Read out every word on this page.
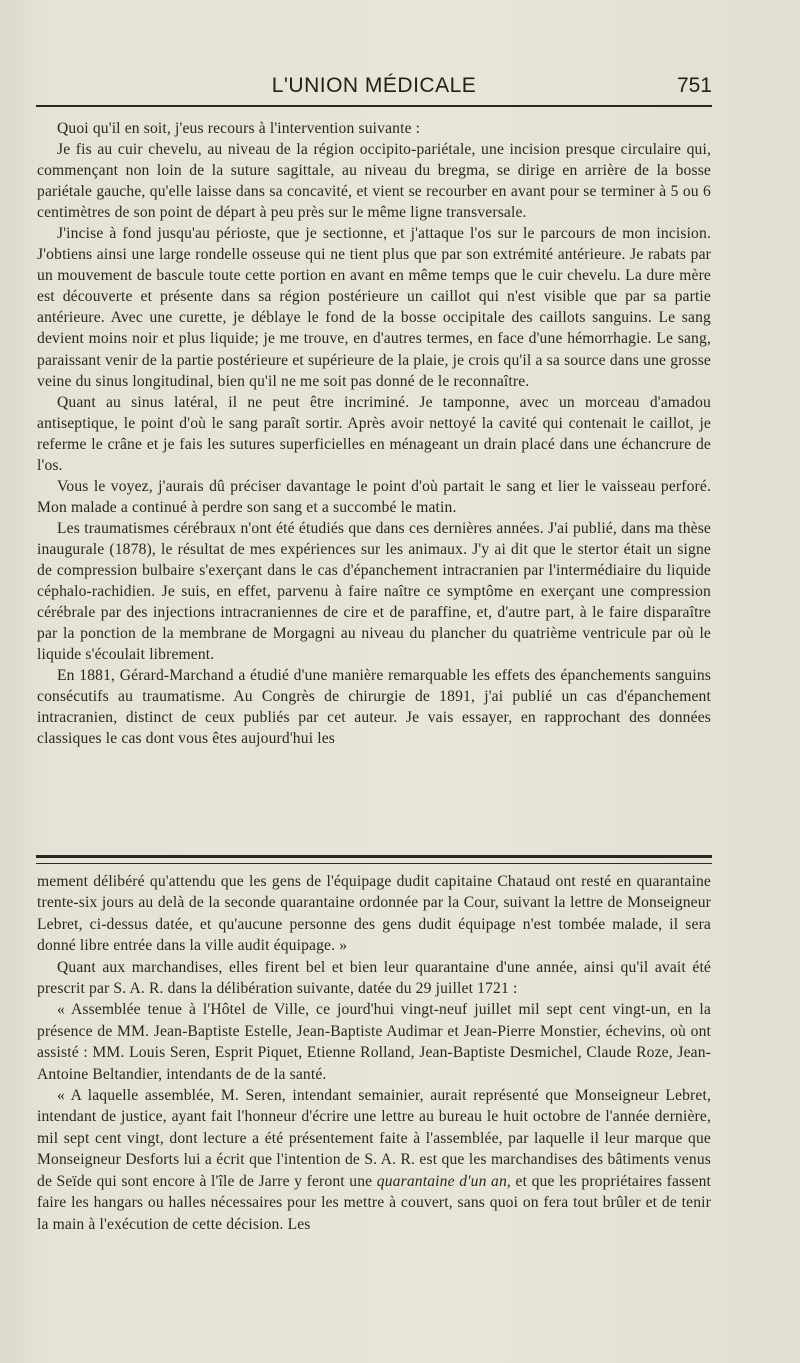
L'UNION MÉDICALE	751

Quoi qu'il en soit, j'eus recours à l'intervention suivante :

Je fis au cuir chevelu, au niveau de la région occipito-pariétale, une incision presque circulaire qui, commençant non loin de la suture sagittale, au niveau du bregma, se dirige en arrière de la bosse pariétale gauche, qu'elle laisse dans sa concavité, et vient se recourber en avant pour se terminer à 5 ou 6 centimètres de son point de départ à peu près sur le même ligne transversale.

J'incise à fond jusqu'au périoste, que je sectionne, et j'attaque l'os sur le parcours de mon incision. J'obtiens ainsi une large rondelle osseuse qui ne tient plus que par son extrémité antérieure. Je rabats par un mouvement de bascule toute cette portion en avant en même temps que le cuir chevelu. La dure mère est découverte et présente dans sa région postérieure un caillot qui n'est visible que par sa partie antérieure. Avec une curette, je déblaye le fond de la bosse occipitale des caillots sanguins. Le sang devient moins noir et plus liquide; je me trouve, en d'autres termes, en face d'une hémorrhagie. Le sang, paraissant venir de la partie postérieure et supérieure de la plaie, je crois qu'il a sa source dans une grosse veine du sinus longitudinal, bien qu'il ne me soit pas donné de le reconnaître.

Quant au sinus latéral, il ne peut être incriminé. Je tamponne, avec un morceau d'amadou antiseptique, le point d'où le sang paraît sortir. Après avoir nettoyé la cavité qui contenait le caillot, je referme le crâne et je fais les sutures superficielles en ménageant un drain placé dans une échancrure de l'os.

Vous le voyez, j'aurais dû préciser davantage le point d'où partait le sang et lier le vaisseau perforé. Mon malade a continué à perdre son sang et a succombé le matin.

Les traumatismes cérébraux n'ont été étudiés que dans ces dernières années. J'ai publié, dans ma thèse inaugurale (1878), le résultat de mes expériences sur les animaux. J'y ai dit que le stertor était un signe de compression bulbaire s'exerçant dans le cas d'épanchement intracranien par l'intermédiaire du liquide céphalo-rachidien. Je suis, en effet, parvenu à faire naître ce symptôme en exerçant une compression cérébrale par des injections intracraniennes de cire et de paraffine, et, d'autre part, à le faire disparaître par la ponction de la membrane de Morgagni au niveau du plancher du quatrième ventricule par où le liquide s'écoulait librement.

En 1881, Gérard-Marchand a étudié d'une manière remarquable les effets des épanchements sanguins consécutifs au traumatisme. Au Congrès de chirurgie de 1891, j'ai publié un cas d'épanchement intracranien, distinct de ceux publiés par cet auteur. Je vais essayer, en rapprochant des données classiques le cas dont vous êtes aujourd'hui les

mement délibéré qu'attendu que les gens de l'équipage dudit capitaine Chataud ont resté en quarantaine trente-six jours au delà de la seconde quarantaine ordonnée par la Cour, suivant la lettre de Monseigneur Lebret, ci-dessus datée, et qu'aucune personne des gens dudit équipage n'est tombée malade, il sera donné libre entrée dans la ville audit équipage. »

Quant aux marchandises, elles firent bel et bien leur quarantaine d'une année, ainsi qu'il avait été prescrit par S. A. R. dans la délibération suivante, datée du 29 juillet 1721 :

« Assemblée tenue à l'Hôtel de Ville, ce jourd'hui vingt-neuf juillet mil sept cent vingt-un, en la présence de MM. Jean-Baptiste Estelle, Jean-Baptiste Audimar et Jean-Pierre Monstier, échevins, où ont assisté : MM. Louis Seren, Esprit Piquet, Etienne Rolland, Jean-Baptiste Desmichel, Claude Roze, Jean-Antoine Beltandier, intendants de de la santé.

« A laquelle assemblée, M. Seren, intendant semainier, aurait représenté que Monseigneur Lebret, intendant de justice, ayant fait l'honneur d'écrire une lettre au bureau le huit octobre de l'année dernière, mil sept cent vingt, dont lecture a été présentement faite à l'assemblée, par laquelle il leur marque que Monseigneur Desforts lui a écrit que l'intention de S. A. R. est que les marchandises des bâtiments venus de Seïde qui sont encore à l'île de Jarre y feront une quarantaine d'un an, et que les propriétaires fassent faire les hangars ou halles nécessaires pour les mettre à couvert, sans quoi on fera tout brûler et de tenir la main à l'exécution de cette décision. Les
